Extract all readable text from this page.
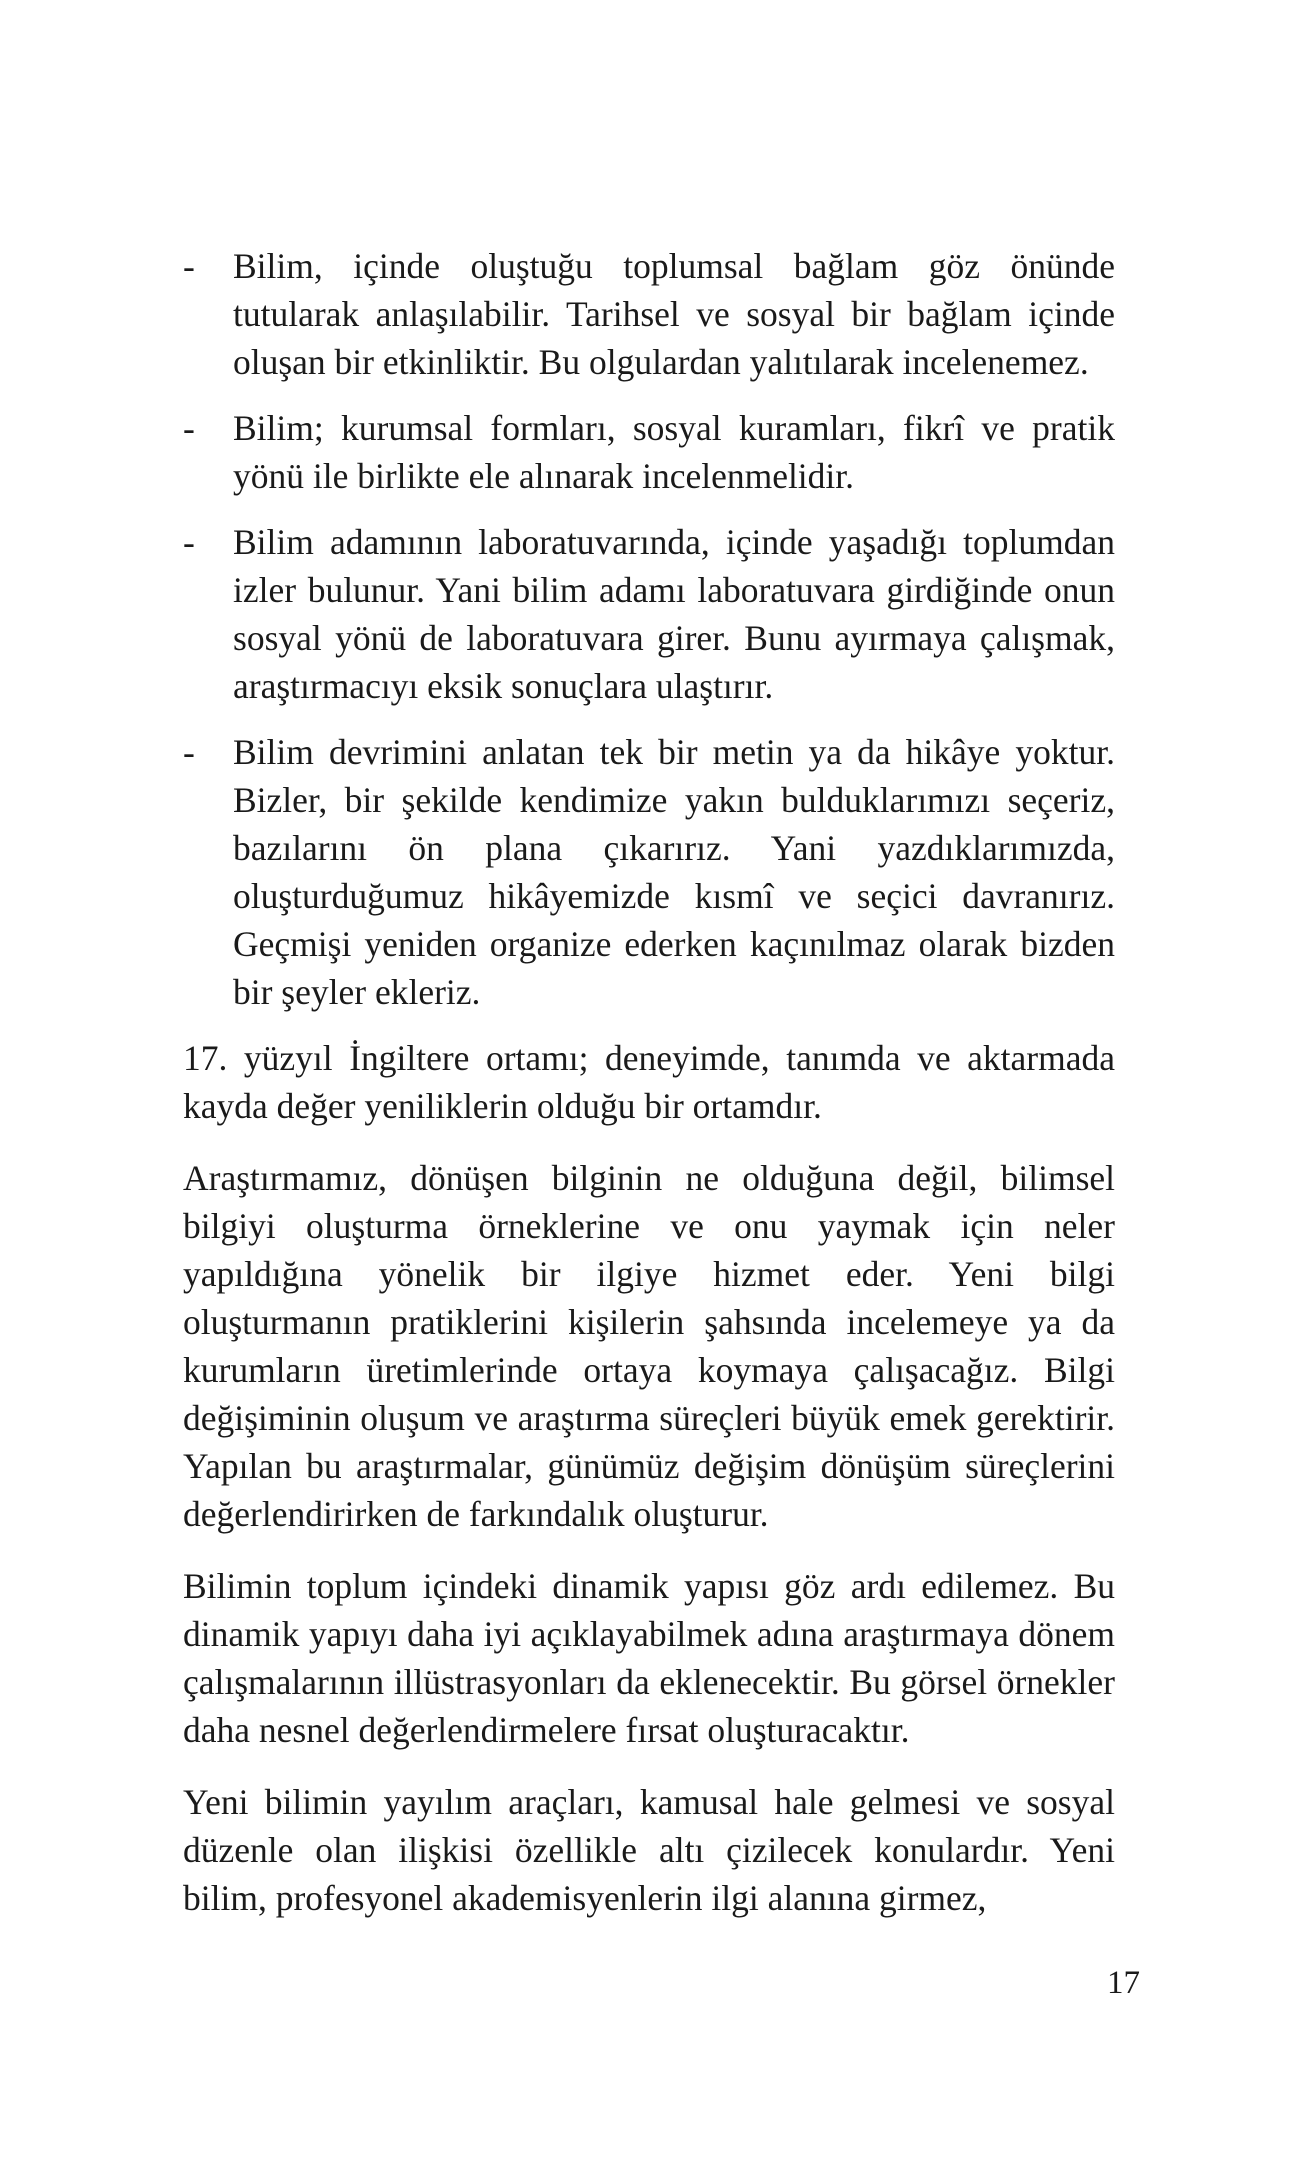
- Bilim, içinde oluştuğu toplumsal bağlam göz önünde tutularak anlaşılabilir. Tarihsel ve sosyal bir bağlam içinde oluşan bir etkinliktir. Bu olgulardan yalıtılarak incelenemez.
- Bilim; kurumsal formları, sosyal kuramları, fikrî ve pratik yönü ile birlikte ele alınarak incelenmelidir.
- Bilim adamının laboratuvarında, içinde yaşadığı toplumdan izler bulunur. Yani bilim adamı laboratuvara girdiğinde onun sosyal yönü de laboratuvara girer. Bunu ayırmaya çalışmak, araştırmacıyı eksik sonuçlara ulaştırır.
- Bilim devrimini anlatan tek bir metin ya da hikâye yoktur. Bizler, bir şekilde kendimize yakın bulduklarımızı seçeriz, bazılarını ön plana çıkarırız. Yani yazdıklarımızda, oluşturduğumuz hikâyemizde kısmî ve seçici davranırız. Geçmişi yeniden organize ederken kaçınılmaz olarak bizden bir şeyler ekleriz.

17. yüzyıl İngiltere ortamı; deneyimde, tanımda ve aktarmada kayda değer yeniliklerin olduğu bir ortamdır.

Araştırmamız, dönüşen bilginin ne olduğuna değil, bilimsel bilgiyi oluşturma örneklerine ve onu yaymak için neler yapıldığına yönelik bir ilgiye hizmet eder. Yeni bilgi oluşturmanın pratiklerini kişilerin şahsında incelemeye ya da kurumların üretimlerinde ortaya koymaya çalışacağız. Bilgi değişiminin oluşum ve araştırma süreçleri büyük emek gerektirir. Yapılan bu araştırmalar, günümüz değişim dönüşüm süreçlerini değerlendirirken de farkındalık oluşturur.

Bilimin toplum içindeki dinamik yapısı göz ardı edilemez. Bu dinamik yapıyı daha iyi açıklayabilmek adına araştırmaya dönem çalışmalarının illüstrasyonları da eklenecektir. Bu görsel örnekler daha nesnel değerlendirmelere fırsat oluşturacaktır.

Yeni bilimin yayılım araçları, kamusal hale gelmesi ve sosyal düzenle olan ilişkisi özellikle altı çizilecek konulardır. Yeni bilim, profesyonel akademisyenlerin ilgi alanına girmez,

17
